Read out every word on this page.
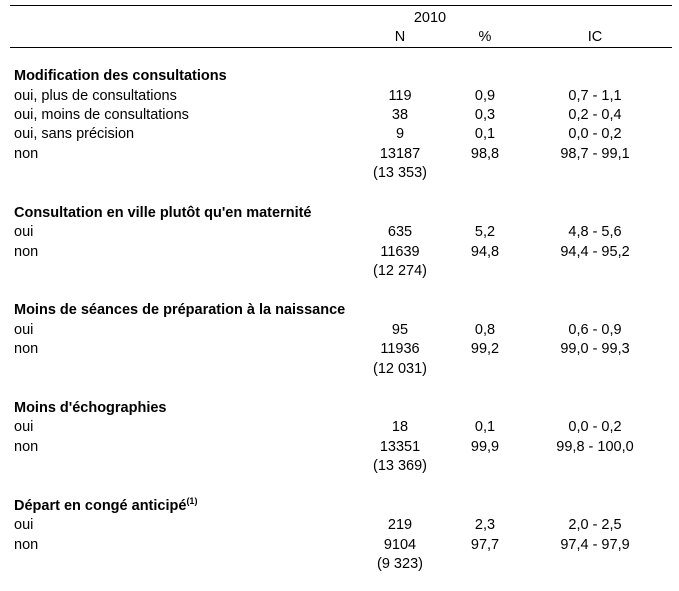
2010
N	%	IC
Modification des consultations
oui, plus de consultations	119	0,9	0,7 - 1,1
oui, moins de consultations	38	0,3	0,2 - 0,4
oui, sans précision	9	0,1	0,0 - 0,2
non	13187	98,8	98,7 - 99,1
(13 353)
Consultation en ville plutôt qu'en maternité
oui	635	5,2	4,8 - 5,6
non	11639	94,8	94,4 - 95,2
(12 274)
Moins de séances de préparation à la naissance
oui	95	0,8	0,6 - 0,9
non	11936	99,2	99,0 - 99,3
(12 031)
Moins d'échographies
oui	18	0,1	0,0 - 0,2
non	13351	99,9	99,8 - 100,0
(13 369)
Départ en congé anticipé$^{(1)}$
oui	219	2,3	2,0 - 2,5
non	9104	97,7	97,4 - 97,9
(9 323)
